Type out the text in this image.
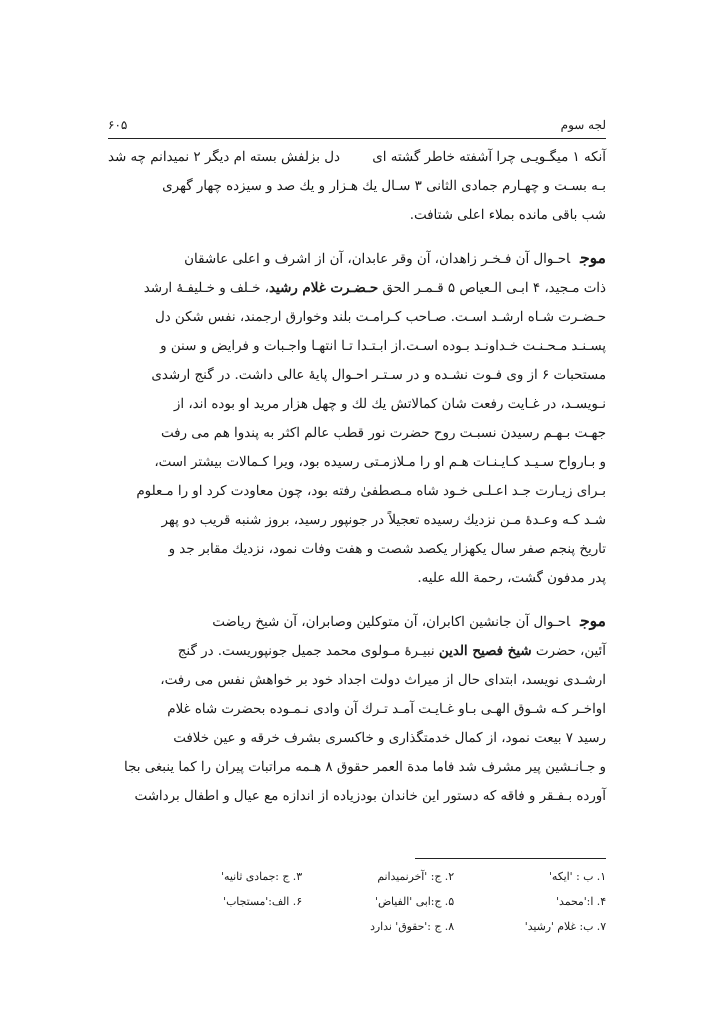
لجه سوم
۶۰۵
آنکه ۱ میگـویـی چرا آشفته خاطر گشته ای
دل بزلفش بسته ام دیگر ۲ نمیدانم چه شد

بـه بسـت و چهـارم جمادی الثانی ۳ سـال یك هـزار و یك صد و سیزده چهار گهری

شب باقی مانده بملاء اعلی شتافت.

موجاحـوال آن فـخـر زاهدان، آن وقر عابدان، آن از اشرف و اعلی عاشقان

ذات مـجید، ۴ ابـی الـعیاص ۵ قـمـر الحق حـضـرت غلام رشید، خـلف و خـلیفـۀ ارشد

حـضـرت شـاه ارشـد اسـت. صـاحب كـرامـت بلند وخوارق ارجمند، نفس شكن دل

پسـنـد مـحـنـت خـداونـد بـوده اسـت.از ابـتـدا تـا انتهـا واجـبات و فرایض و سنن و

مستحبات ۶ از وی فـوت نشـده و در سـتـر احـوال پایۀ عالی داشت. در گنج ارشدی

نـویسـد، در غـایت رفعت شان كمالاتش یك لك و چهل هزار مرید او بوده اند، از

جهـت بـهـم رسیدن نسبـت روح حضرت نور قطب عالم اکثر به پندوا هم می رفت

و بـارواح سـیـد كـایـنـات هـم او را مـلازمـتی رسیده بود، ویرا كـمالات بیشتر است،

بـرای زیـارت جـد اعـلـی خـود شاه مـصطفیٰ رفته بود، چون معاودت كرد او را مـعلوم

شـد كـه وعـدۀ مـن نزدیك رسیده تعجیلاً در جونپور رسید، بروز شنبه قریب دو پهر

تاریخ پنجم صفر سال یكهزار یكصد شصت و هفت وفات نمود، نزدیك مقابر جد و

پدر مدفون گشت، رحمة الله علیه.

موجاحـوال آن جانشین اكابران، آن متوكلین وصابران، آن شیخ ریاضت

آئین، حضرت شیخ فصیح الدین نبیـرۀ مـولوی محمد جمیل جونپوریست. در گنج

ارشـدی نویسد، ابتدای حال از میراث دولت اجداد خود بر خواهش نفس می رفت،

اواخـر كـه شـوق الهـی بـاو غـایـت آمـد تـرك آن وادی نـمـوده بحضرت شاه غلام

رسید ۷ بیعت نمود، از كمال خدمتگذاری و خاكسری بشرف خرقه و عین خلافت

و جـانـشین پیر مشرف شد فاما مدة العمر حقوق ۸ هـمه مراتبات پیران را كما ینبغی بجا

آورده بـفـقر و فاقه كه دستور این خاندان بودزیاده از اندازه مع عیال و اطفال برداشت

۱. ب : 'ایكه'
۲. ج: 'آخرنمیدانم
۳. ج :جمادی ثانیه'
۴. ا:'محمد'
۵. ج:ابی 'الفیاض'
۶. الف:'مستجاب'
۷. ب: غلام 'رشید'
۸. ج :'حقوق' ندارد
